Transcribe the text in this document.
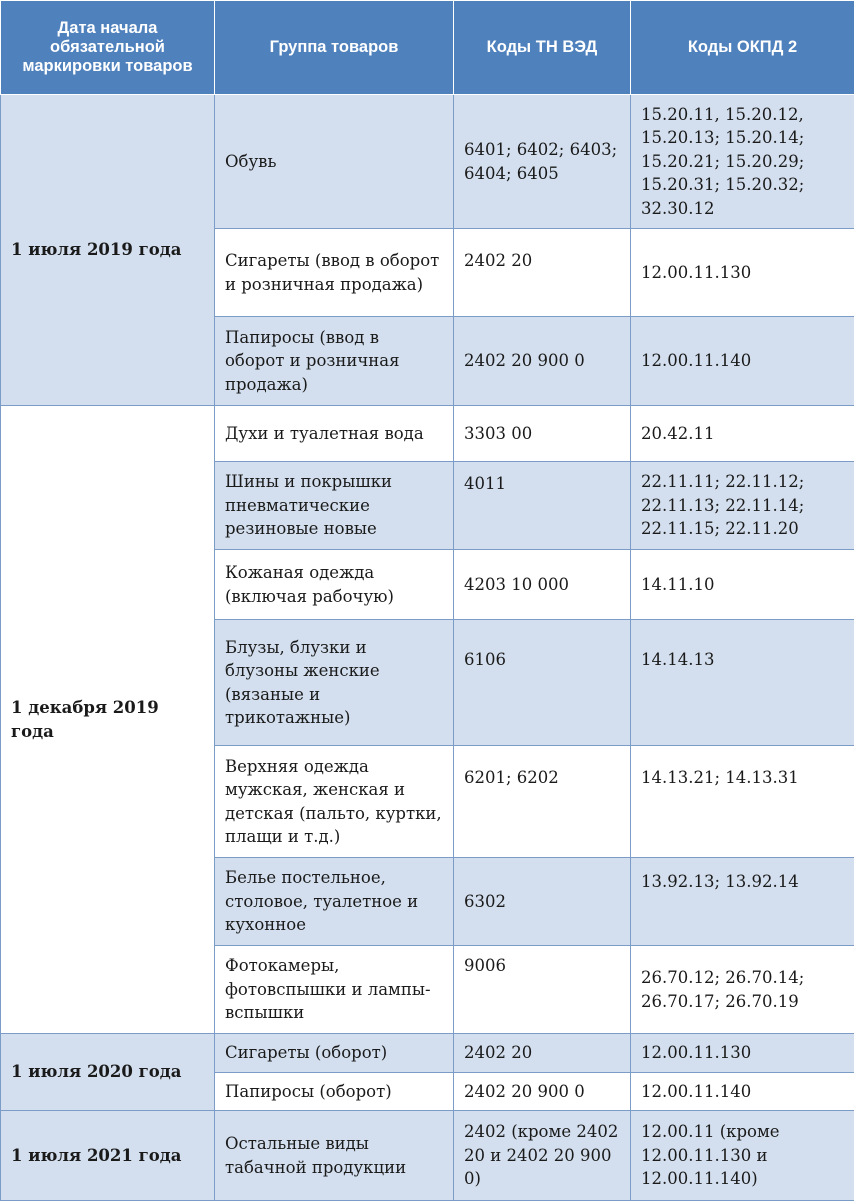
Дата начала обязательной маркировки товаров	Группа товаров	Коды ТН ВЭД	Коды ОКПД 2
1 июля 2019 года	Обувь	6401; 6402; 6403; 6404; 6405	15.20.11, 15.20.12, 15.20.13; 15.20.14; 15.20.21; 15.20.29; 15.20.31; 15.20.32; 32.30.12
	Сигареты (ввод в оборот и розничная продажа)	2402 20	12.00.11.130
	Папиросы (ввод в оборот и розничная продажа)	2402 20 900 0	12.00.11.140
1 декабря 2019 года	Духи и туалетная вода	3303 00	20.42.11
	Шины и покрышки пневматические резиновые новые	4011	22.11.11; 22.11.12; 22.11.13; 22.11.14; 22.11.15; 22.11.20
	Кожаная одежда (включая рабочую)	4203 10 000	14.11.10
	Блузы, блузки и блузоны женские (вязаные и трикотажные)	6106	14.14.13
	Верхняя одежда мужская, женская и детская (пальто, куртки, плащи и т.д.)	6201; 6202	14.13.21; 14.13.31
	Белье постельное, столовое, туалетное и кухонное	6302	13.92.13; 13.92.14
	Фотокамеры, фотовспышки и лампы-вспышки	9006	26.70.12; 26.70.14; 26.70.17; 26.70.19
1 июля 2020 года	Сигареты (оборот)	2402 20	12.00.11.130
	Папиросы (оборот)	2402 20 900 0	12.00.11.140
1 июля 2021 года	Остальные виды табачной продукции	2402 (кроме 2402 20 и 2402 20 900 0)	12.00.11 (кроме 12.00.11.130 и 12.00.11.140)
